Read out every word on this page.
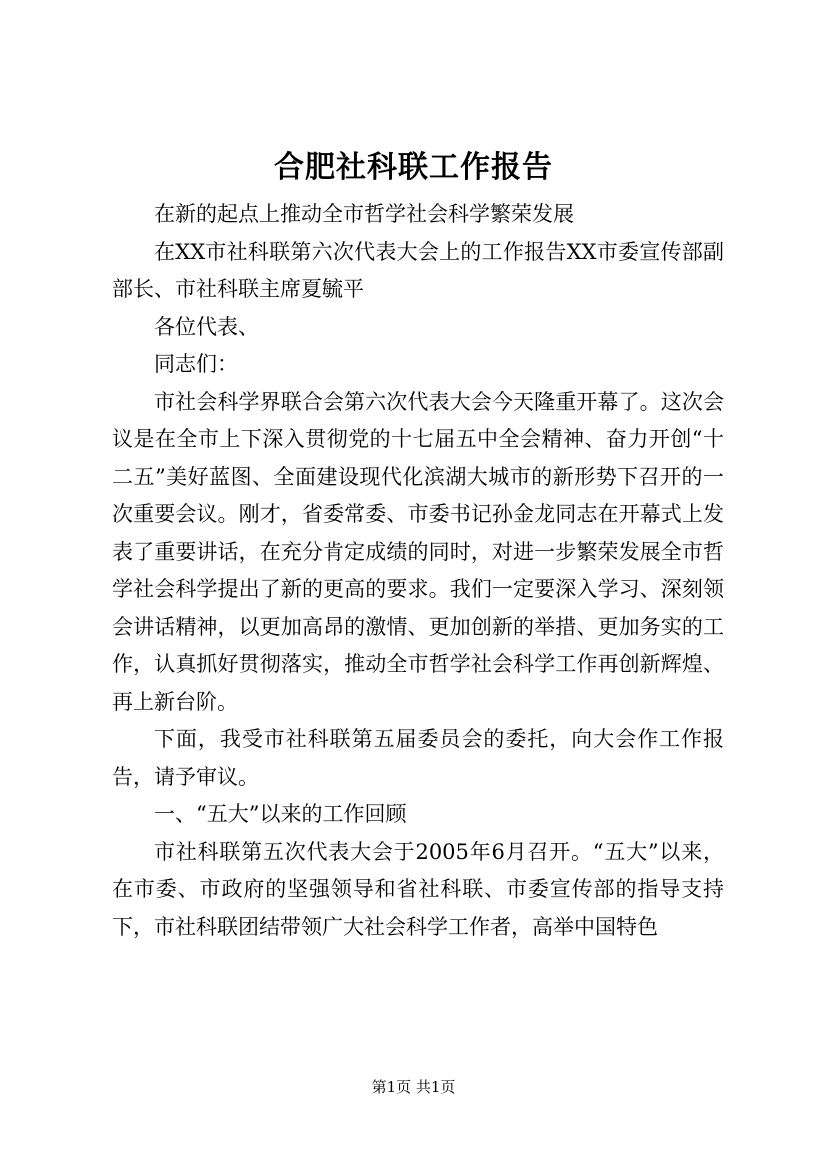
合肥社科联工作报告

在新的起点上推动全市哲学社会科学繁荣发展

在XX市社科联第六次代表大会上的工作报告XX市委宣传部副部长、市社科联主席夏毓平

各位代表、

同志们：

市社会科学界联合会第六次代表大会今天隆重开幕了。这次会议是在全市上下深入贯彻党的十七届五中全会精神、奋力开创“十二五”美好蓝图、全面建设现代化滨湖大城市的新形势下召开的一次重要会议。刚才，省委常委、市委书记孙金龙同志在开幕式上发表了重要讲话，在充分肯定成绩的同时，对进一步繁荣发展全市哲学社会科学提出了新的更高的要求。我们一定要深入学习、深刻领会讲话精神，以更加高昂的激情、更加创新的举措、更加务实的工作，认真抓好贯彻落实，推动全市哲学社会科学工作再创新辉煌、再上新台阶。

下面，我受市社科联第五届委员会的委托，向大会作工作报告，请予审议。

一、“五大”以来的工作回顾

市社科联第五次代表大会于2005年6月召开。“五大”以来，在市委、市政府的坚强领导和省社科联、市委宣传部的指导支持下，市社科联团结带领广大社会科学工作者，高举中国特色

第1页 共1页
